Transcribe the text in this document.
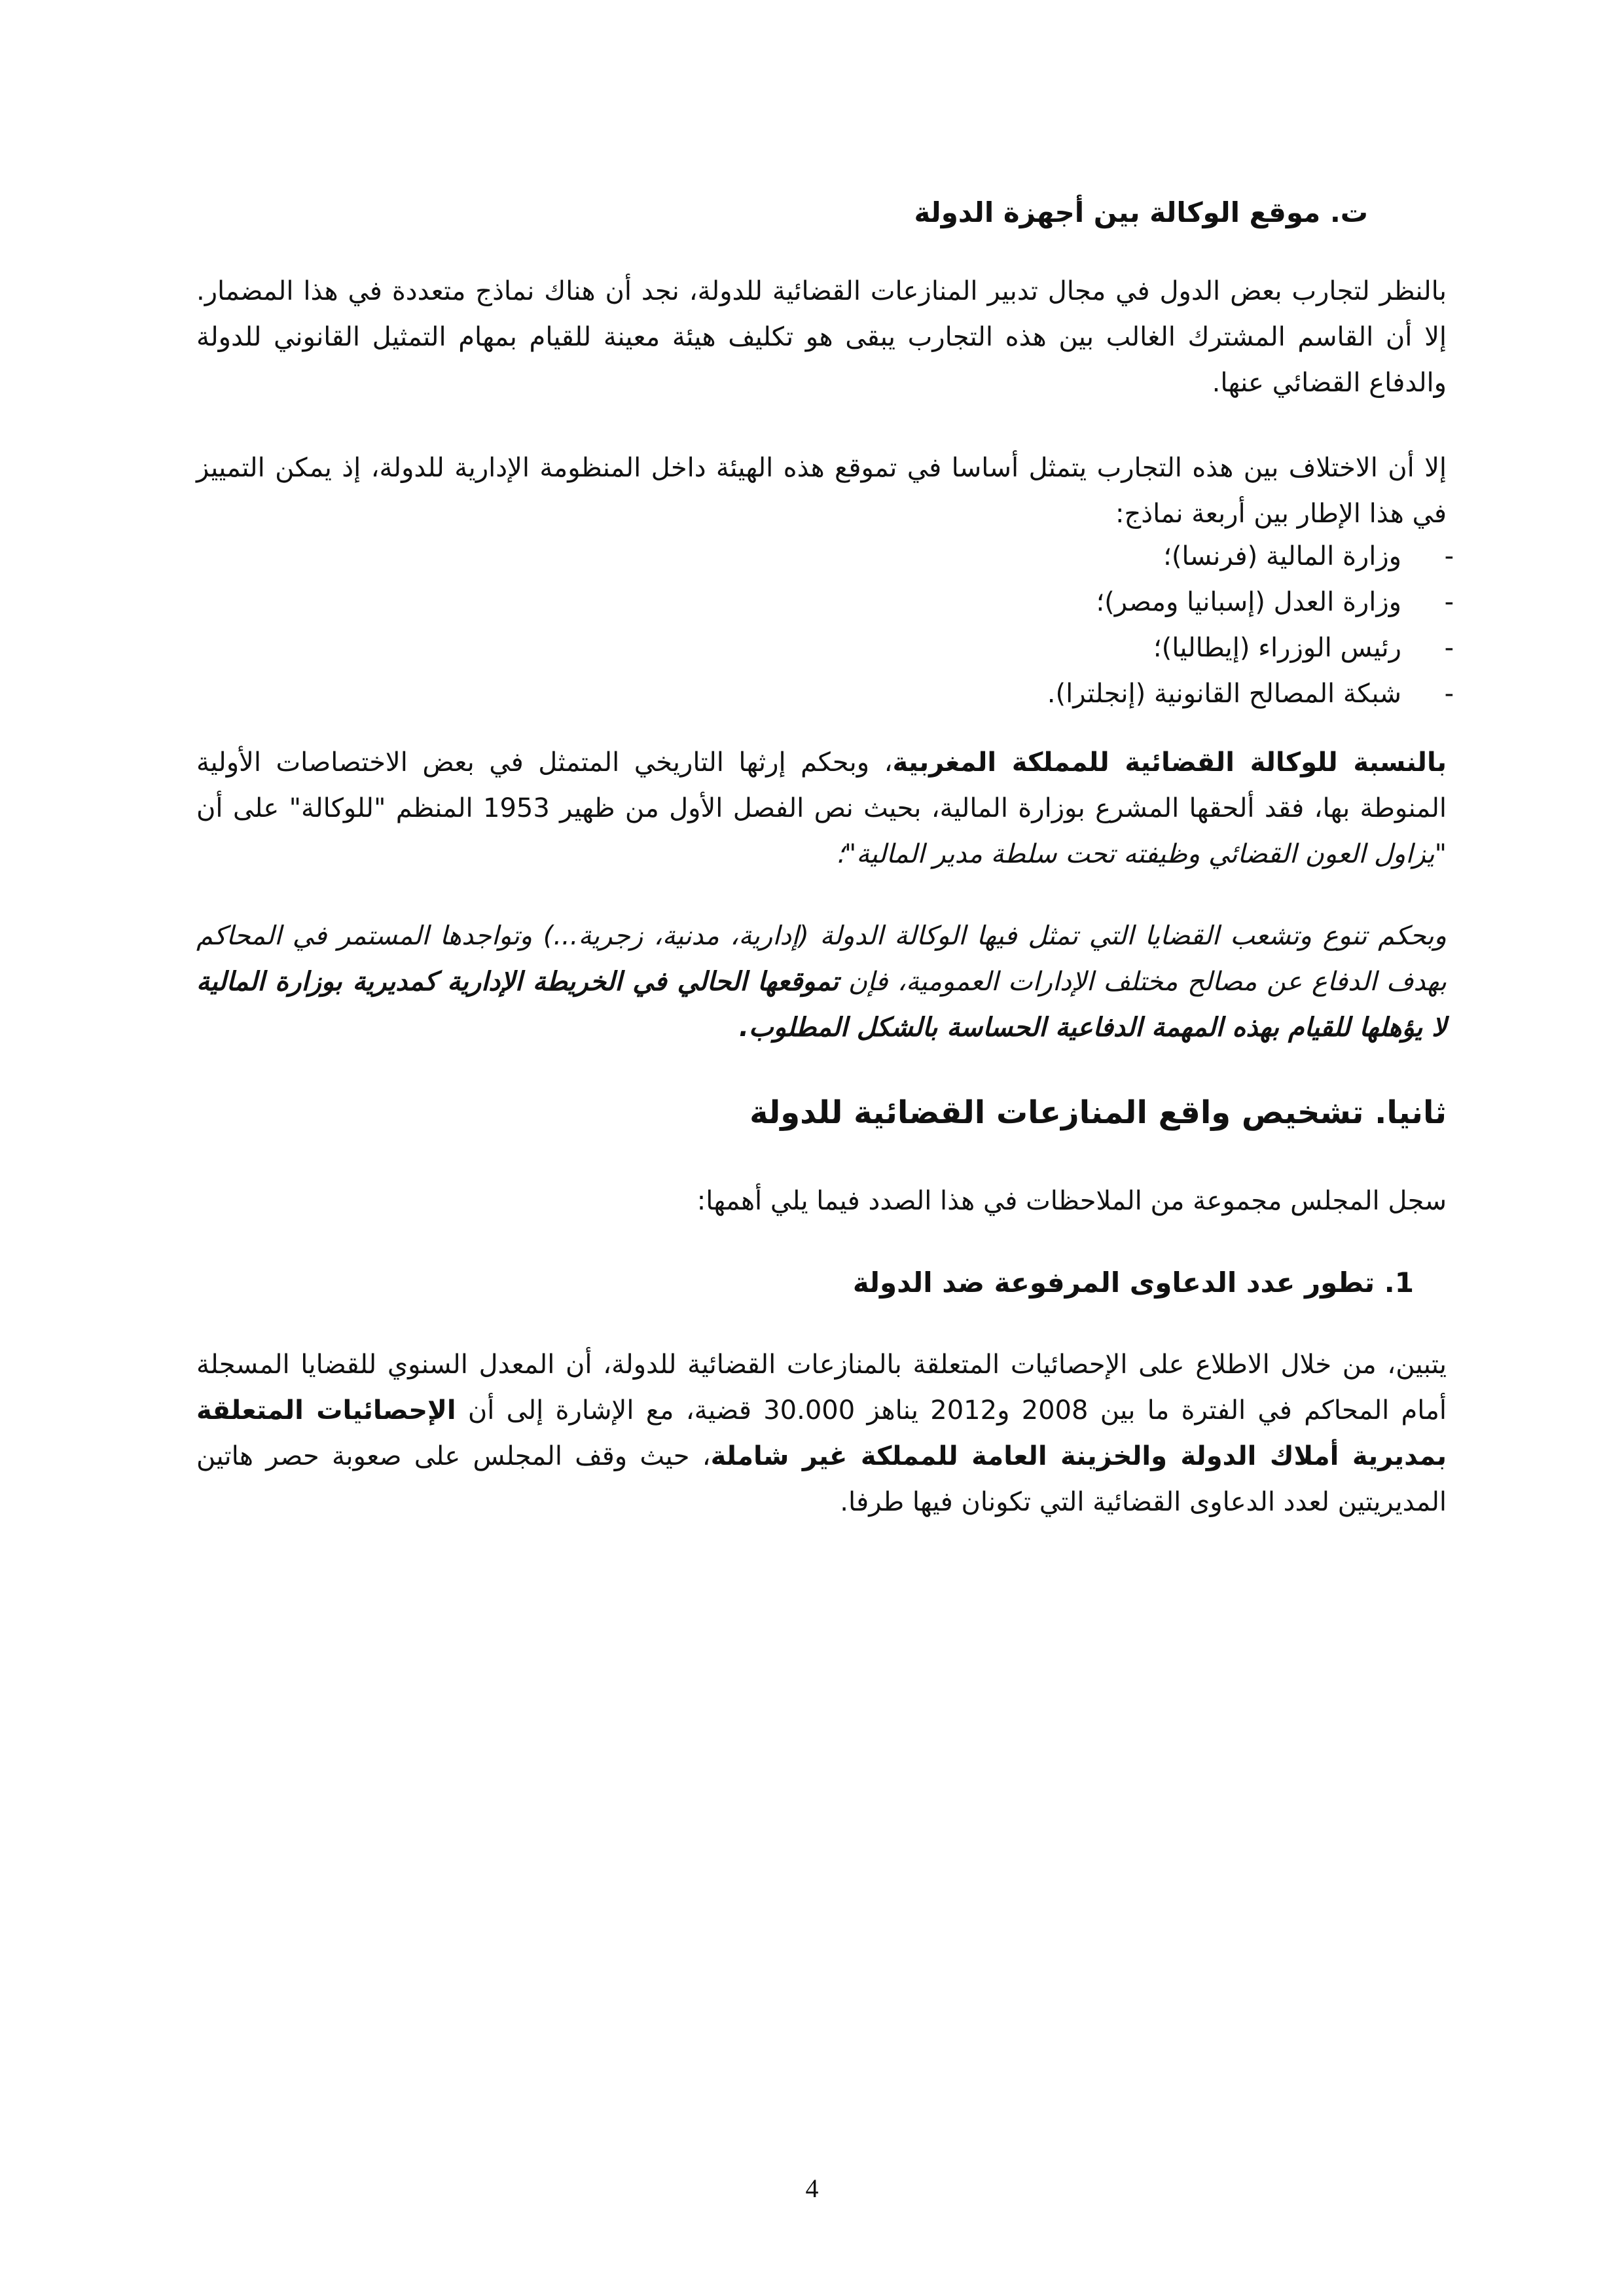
ت. موقع الوكالة بين أجهزة الدولة

بالنظر لتجارب بعض الدول في مجال تدبير المنازعات القضائية للدولة، نجد أن هناك نماذج متعددة في هذا المضمار. إلا أن القاسم المشترك الغالب بين هذه التجارب يبقى هو تكليف هيئة معينة للقيام بمهام التمثيل القانوني للدولة والدفاع القضائي عنها.

إلا أن الاختلاف بين هذه التجارب يتمثل أساسا في تموقع هذه الهيئة داخل المنظومة الإدارية للدولة، إذ يمكن التمييز في هذا الإطار بين أربعة نماذج:

بالنسبة للوكالة القضائية للمملكة المغربية، وبحكم إرثها التاريخي المتمثل في بعض الاختصاصات الأولية المنوطة بها، فقد ألحقها المشرع بوزارة المالية، بحيث نص الفصل الأول من ظهير 1953 المنظم "للوكالة" على أن "يزاول العون القضائي وظيفته تحت سلطة مدير المالية"؛

وبحكم تنوع وتشعب القضايا التي تمثل فيها الوكالة الدولة (إدارية، مدنية، زجرية...) وتواجدها المستمر في المحاكم بهدف الدفاع عن مصالح مختلف الإدارات العمومية، فإن تموقعها الحالي في الخريطة الإدارية كمديرية بوزارة المالية لا يؤهلها للقيام بهذه المهمة الدفاعية الحساسة بالشكل المطلوب.

ثانيا. تشخيص واقع المنازعات القضائية للدولة

سجل المجلس مجموعة من الملاحظات في هذا الصدد فيما يلي أهمها:

1. تطور عدد الدعاوى المرفوعة ضد الدولة

يتبين، من خلال الاطلاع على الإحصائيات المتعلقة بالمنازعات القضائية للدولة، أن المعدل السنوي للقضايا المسجلة أمام المحاكم في الفترة ما بين 2008 و2012 يناهز 30.000 قضية، مع الإشارة إلى أن الإحصائيات المتعلقة بمديرية أملاك الدولة والخزينة العامة للمملكة غير شاملة، حيث وقف المجلس على صعوبة حصر هاتين المديريتين لعدد الدعاوى القضائية التي تكونان فيها طرفا.

-
وزارة المالية (فرنسا)؛
-
وزارة العدل (إسبانيا ومصر)؛
-
رئيس الوزراء (إيطاليا)؛
-
شبكة المصالح القانونية (إنجلترا).
4
